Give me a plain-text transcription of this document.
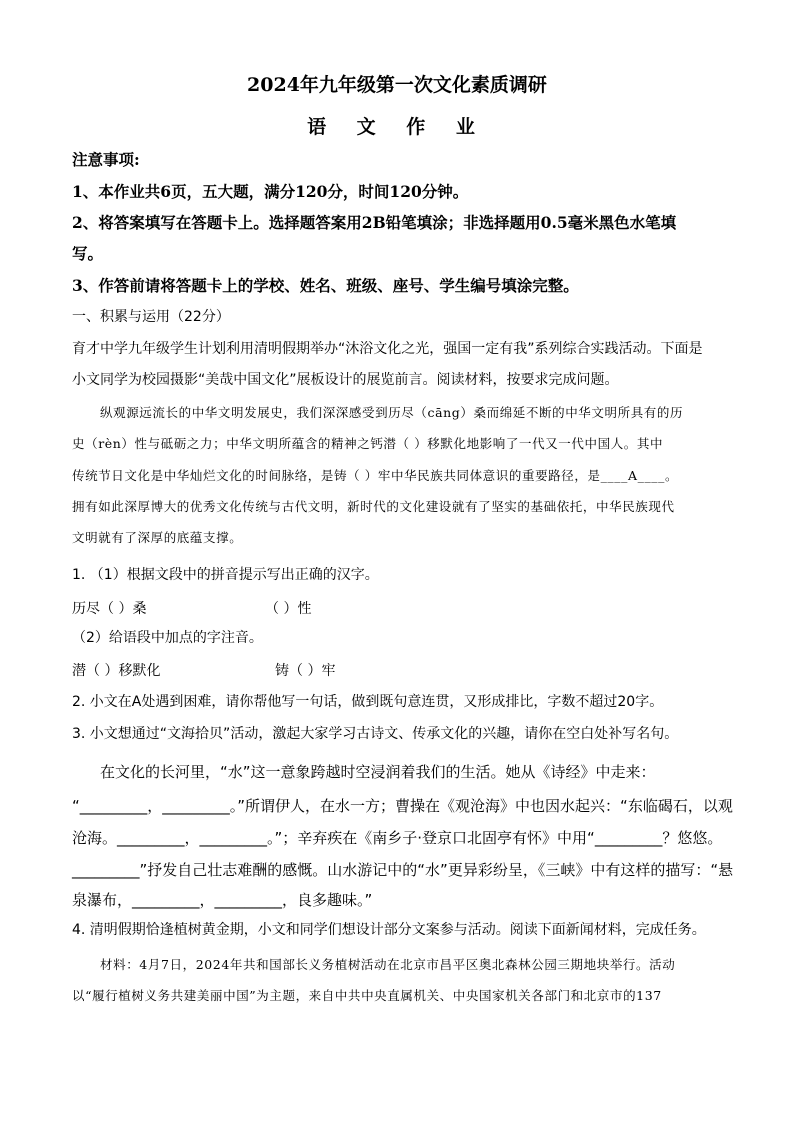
2024年九年级第一次文化素质调研
语 文 作 业
注意事项:
1、本作业共6页，五大题，满分120分，时间120分钟。
2、将答案填写在答题卡上。选择题答案用2B铅笔填涂；非选择题用0.5毫米黑色水笔填
写。
3、作答前请将答题卡上的学校、姓名、班级、座号、学生编号填涂完整。
一、积累与运用（22分）
育才中学九年级学生计划利用清明假期举办“沐浴文化之光，强国一定有我”系列综合实践活动。下面是
小文同学为校园摄影“美哉中国文化”展板设计的展览前言。阅读材料，按要求完成问题。
纵观源远流长的中华文明发展史，我们深深感受到历尽（cāng）桑而绵延不断的中华文明所具有的历
史（rèn）性与砥砺之力；中华文明所蕴含的精神之钙潜（ ）移默化地影响了一代又一代中国人。其中
传统节日文化是中华灿烂文化的时间脉络，是铸（ ）牢中华民族共同体意识的重要路径，是____A____。
拥有如此深厚博大的优秀文化传统与古代文明，新时代的文化建设就有了坚实的基础依托，中华民族现代
文明就有了深厚的底蕴支撑。
1. （1）根据文段中的拼音提示写出正确的汉字。
历尽（ ）桑	（ ）性
（2）给语段中加点的字注音。
潜（ ）移默化	铸（ ）牢
2. 小文在A处遇到困难，请你帮他写一句话，做到既句意连贯，又形成排比，字数不超过20字。
3. 小文想通过“文海拾贝”活动，激起大家学习古诗文、传承文化的兴趣，请你在空白处补写名句。
在文化的长河里，“水”这一意象跨越时空浸润着我们的生活。她从《诗经》中走来：
“_________，_________。”所谓伊人，在水一方；曹操在《观沧海》中也因水起兴：“东临碣石，以观
沧海。_________，_________。”；辛弃疾在《南乡子·登京口北固亭有怀》中用“_________？悠悠。
_________”抒发自己壮志难酬的感慨。山水游记中的“水”更异彩纷呈，《三峡》中有这样的描写：“悬
泉瀑布，_________，_________，良多趣味。”
4. 清明假期恰逢植树黄金期，小文和同学们想设计部分文案参与活动。阅读下面新闻材料，完成任务。
材料：4月7日，2024年共和国部长义务植树活动在北京市昌平区奥北森林公园三期地块举行。活动
以“履行植树义务共建美丽中国”为主题，来自中共中央直属机关、中央国家机关各部门和北京市的137
